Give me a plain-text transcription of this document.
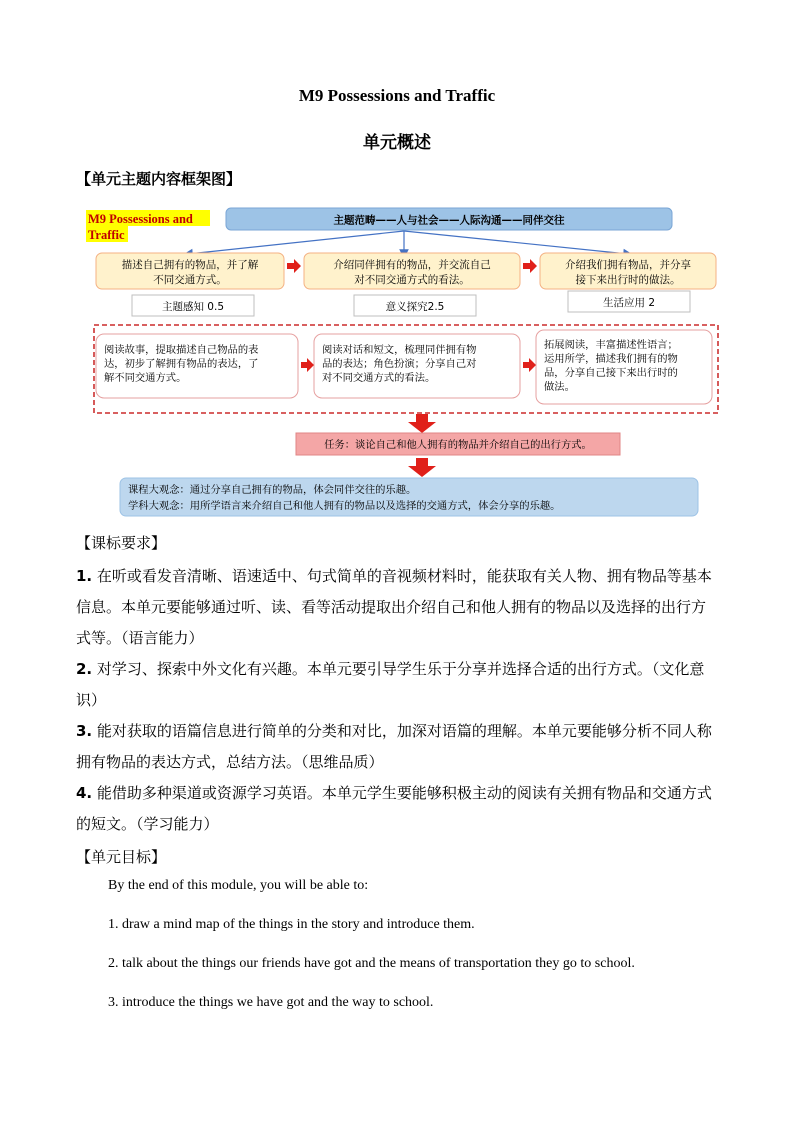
M9 Possessions and Traffic
单元概述
【单元主题内容框架图】
M9 Possessions and
Traffic
主题范畴——人与社会——人际沟通——同伴交往
描述自己拥有的物品，并了解
不同交通方式。
介绍同伴拥有的物品，并交流自己
对不同交通方式的看法。
介绍我们拥有物品，并分享
接下来出行时的做法。
主题感知 0.5	意义探究2.5	生活应用 2
阅读故事，提取描述自己物品的表
达，初步了解拥有物品的表达，了
解不同交通方式。
阅读对话和短文，梳理同伴拥有物
品的表达；角色扮演；分享自己对
对不同交通方式的看法。
拓展阅读，丰富描述性语言；
运用所学，描述我们拥有的物
品，分享自己接下来出行时的
做法。
任务：谈论自己和他人拥有的物品并介绍自己的出行方式。
课程大观念：通过分享自己拥有的物品，体会同伴交往的乐趣。
学科大观念：用所学语言来介绍自己和他人拥有的物品以及选择的交通方式，体会分享的乐趣。
【课标要求】
1. 在听或看发音清晰、语速适中、句式简单的音视频材料时，能获取有关人物、拥有物品等基本信息。本单元要能够通过听、读、看等活动提取出介绍自己和他人拥有的物品以及选择的出行方式等。（语言能力）
2. 对学习、探索中外文化有兴趣。本单元要引导学生乐于分享并选择合适的出行方式。（文化意识）
3. 能对获取的语篇信息进行简单的分类和对比，加深对语篇的理解。本单元要能够分析不同人称拥有物品的表达方式，总结方法。（思维品质）
4. 能借助多种渠道或资源学习英语。本单元学生要能够积极主动的阅读有关拥有物品和交通方式的短文。（学习能力）
【单元目标】
By the end of this module, you will be able to:
1. draw a mind map of the things in the story and introduce them.
2. talk about the things our friends have got and the means of transportation they go to school.
3. introduce the things we have got and the way to school.
